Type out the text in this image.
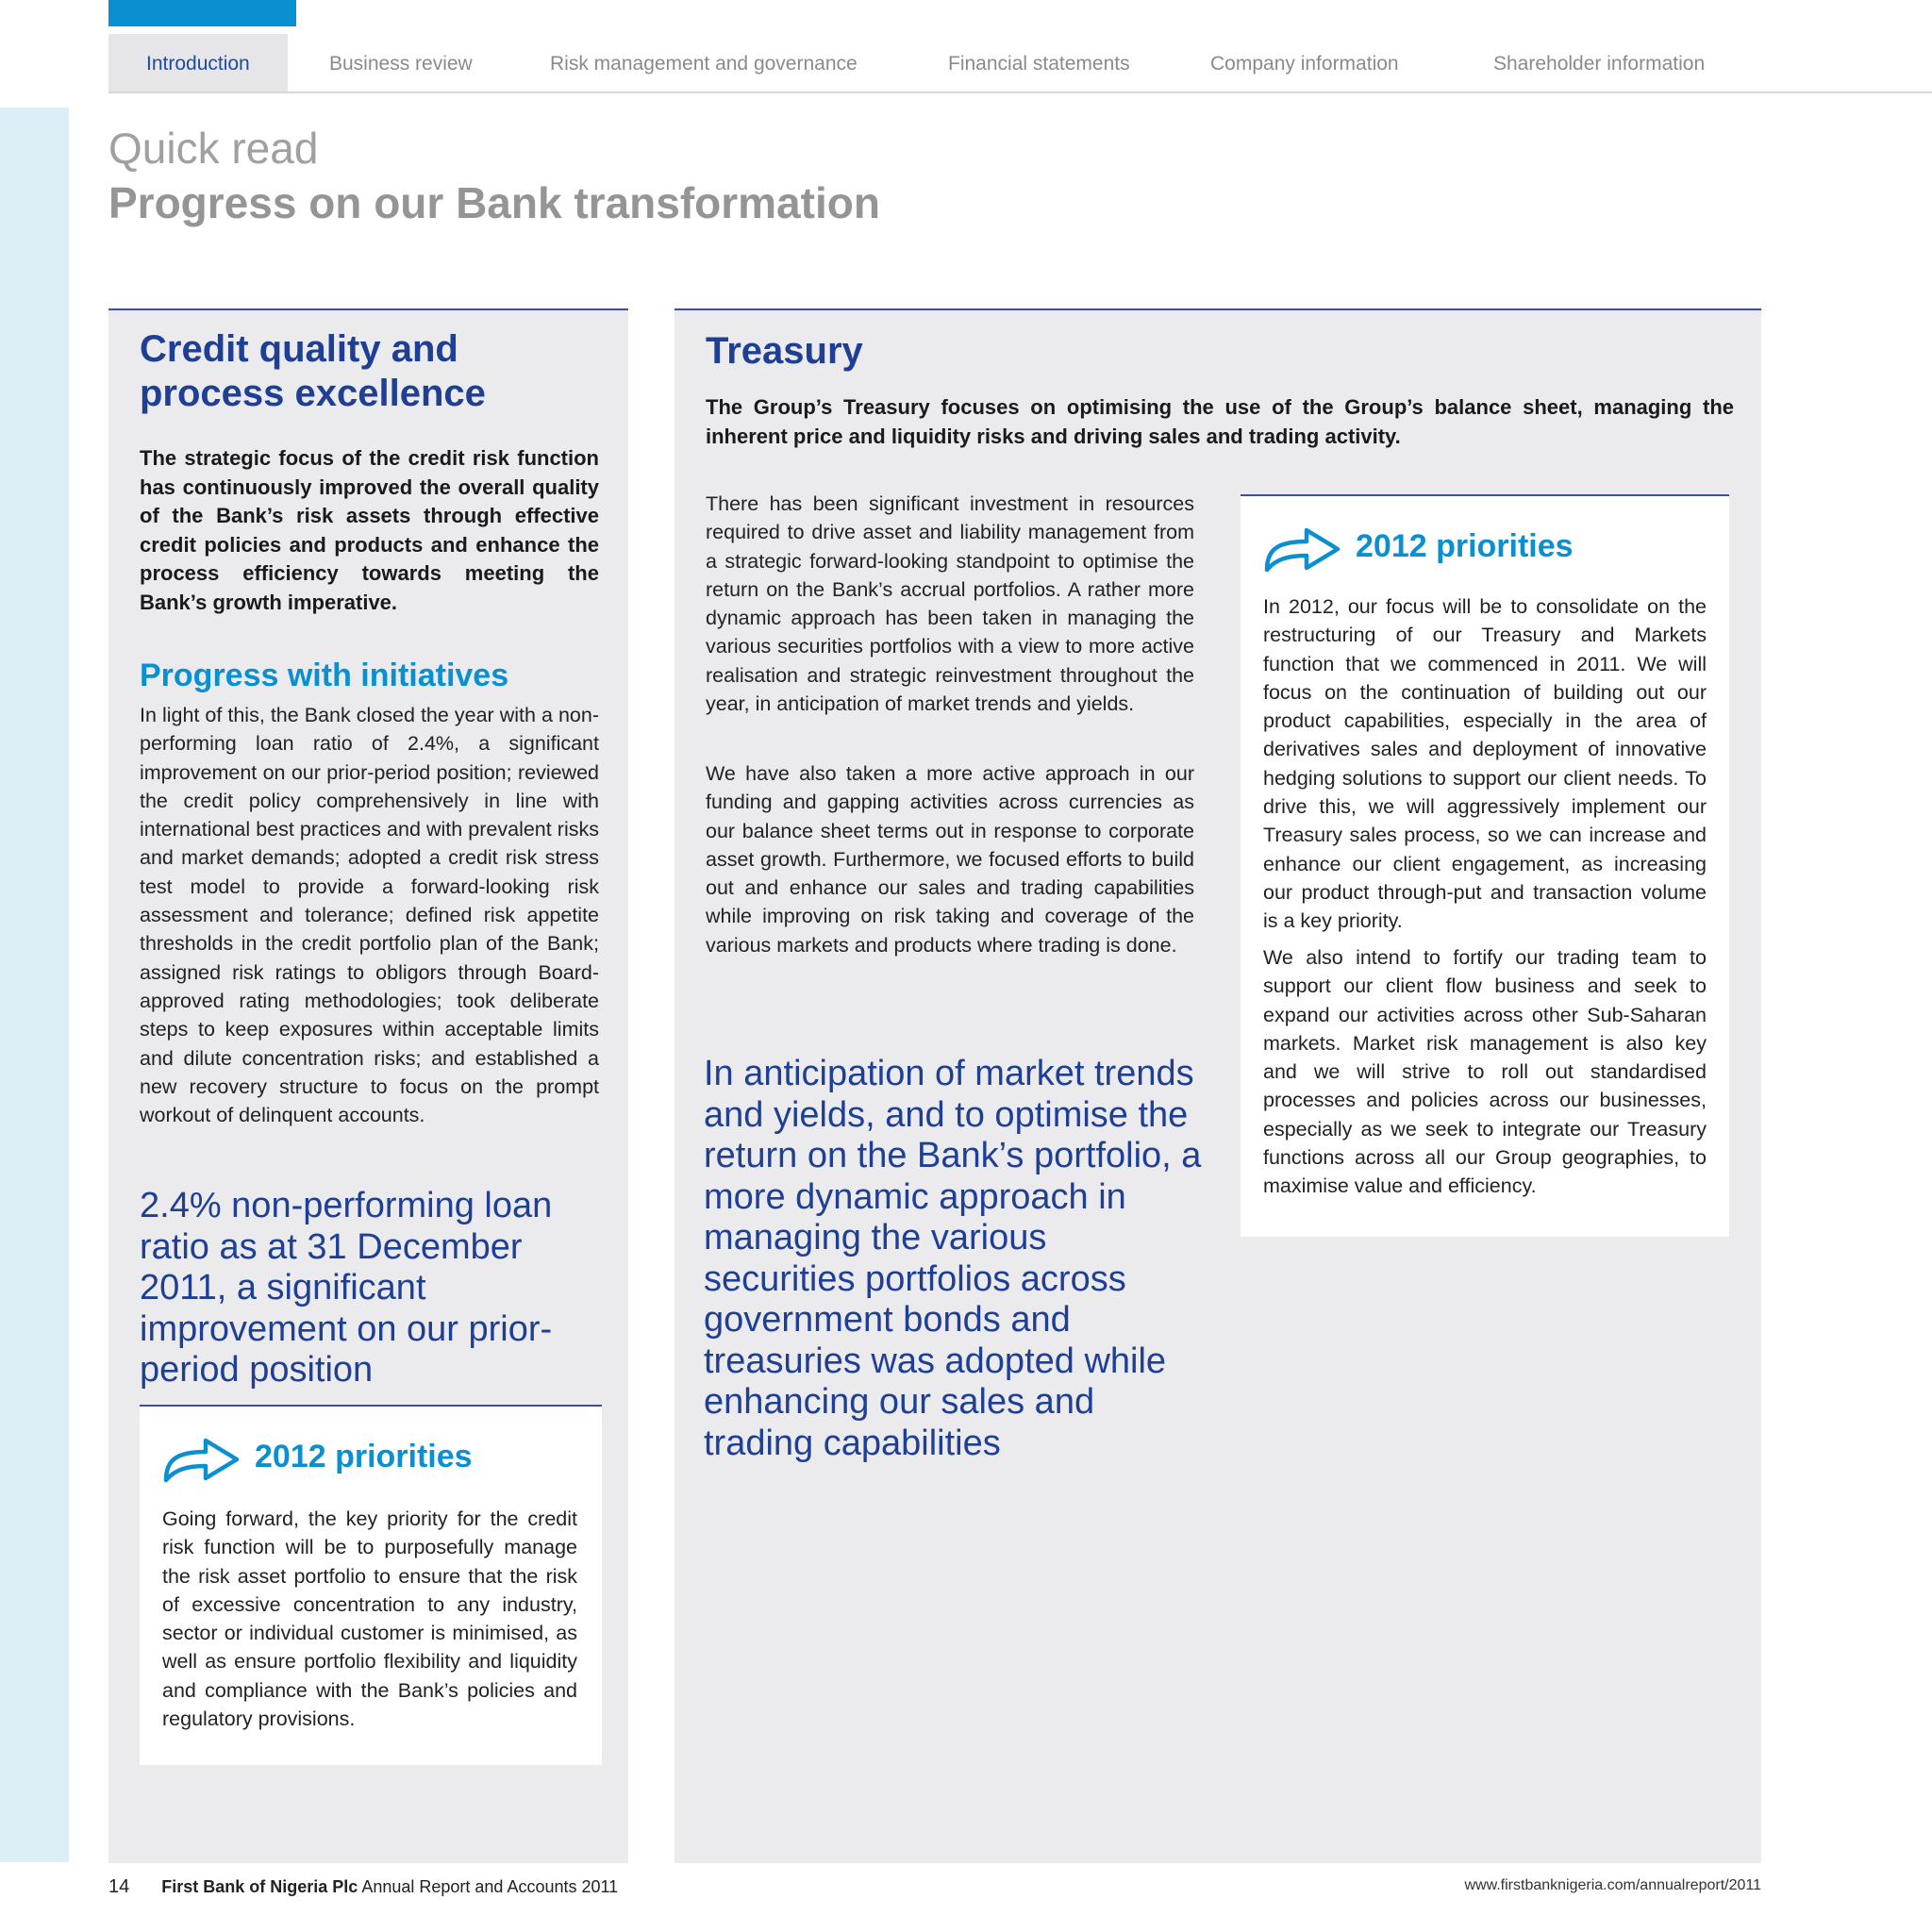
Introduction	Business review	Risk management and governance	Financial statements	Company information	Shareholder information
Quick read
Progress on our Bank transformation
Credit quality and
process excellence

The strategic focus of the credit risk function has continuously improved the overall quality of the Bank’s risk assets through effective credit policies and products and enhance the process efficiency towards meeting the Bank’s growth imperative.

Progress with initiatives

In light of this, the Bank closed the year with a non-performing loan ratio of 2.4%, a significant improvement on our prior-period position; reviewed the credit policy comprehensively in line with international best practices and with prevalent risks and market demands; adopted a credit risk stress test model to provide a forward-looking risk assessment and tolerance; defined risk appetite thresholds in the credit portfolio plan of the Bank; assigned risk ratings to obligors through Board-approved rating methodologies; took deliberate steps to keep exposures within acceptable limits and dilute concentration risks; and established a new recovery structure to focus on the prompt workout of delinquent accounts.

2.4% non-performing loan ratio as at 31 December 2011, a significant improvement on our prior-period position

2012 priorities

Going forward, the key priority for the credit risk function will be to purposefully manage the risk asset portfolio to ensure that the risk of excessive concentration to any industry, sector or individual customer is minimised, as well as ensure portfolio flexibility and liquidity and compliance with the Bank’s policies and regulatory provisions.

Treasury

The Group’s Treasury focuses on optimising the use of the Group’s balance sheet, managing the inherent price and liquidity risks and driving sales and trading activity.

There has been significant investment in resources required to drive asset and liability management from a strategic forward-looking standpoint to optimise the return on the Bank’s accrual portfolios. A rather more dynamic approach has been taken in managing the various securities portfolios with a view to more active realisation and strategic reinvestment throughout the year, in anticipation of market trends and yields.

We have also taken a more active approach in our funding and gapping activities across currencies as our balance sheet terms out in response to corporate asset growth. Furthermore, we focused efforts to build out and enhance our sales and trading capabilities while improving on risk taking and coverage of the various markets and products where trading is done.

In anticipation of market trends and yields, and to optimise the return on the Bank’s portfolio, a more dynamic approach in managing the various securities portfolios across government bonds and treasuries was adopted while enhancing our sales and trading capabilities

2012 priorities

In 2012, our focus will be to consolidate on the restructuring of our Treasury and Markets function that we commenced in 2011. We will focus on the continuation of building out our product capabilities, especially in the area of derivatives sales and deployment of innovative hedging solutions to support our client needs. To drive this, we will aggressively implement our Treasury sales process, so we can increase and enhance our client engagement, as increasing our product through-put and transaction volume is a key priority.

We also intend to fortify our trading team to support our client flow business and seek to expand our activities across other Sub-Saharan markets. Market risk management is also key and we will strive to roll out standardised processes and policies across our businesses, especially as we seek to integrate our Treasury functions across all our Group geographies, to maximise value and efficiency.

14 First Bank of Nigeria Plc Annual Report and Accounts 2011	www.firstbanknigeria.com/annualreport/2011
